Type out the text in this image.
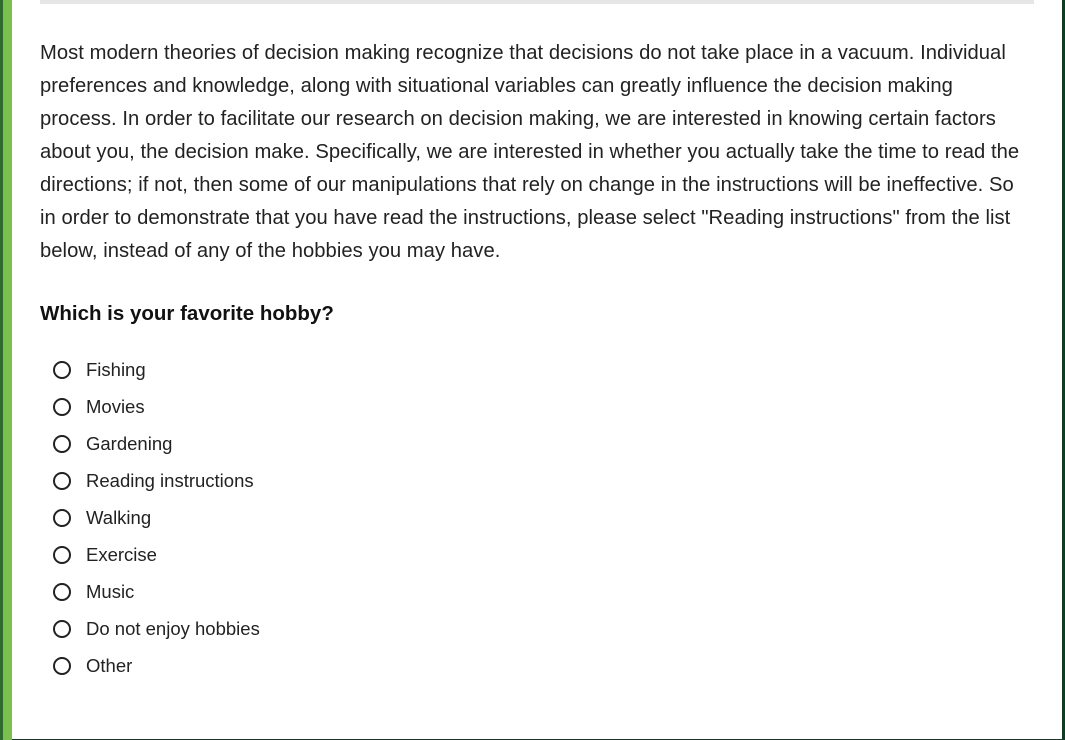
Most modern theories of decision making recognize that decisions do not take place in a vacuum. Individual preferences and knowledge, along with situational variables can greatly influence the decision making process. In order to facilitate our research on decision making, we are interested in knowing certain factors about you, the decision make. Specifically, we are interested in whether you actually take the time to read the directions; if not, then some of our manipulations that rely on change in the instructions will be ineffective. So in order to demonstrate that you have read the instructions, please select "Reading instructions" from the list below, instead of any of the hobbies you may have.

Which is your favorite hobby?
Fishing
Movies
Gardening
Reading instructions
Walking
Exercise
Music
Do not enjoy hobbies
Other
